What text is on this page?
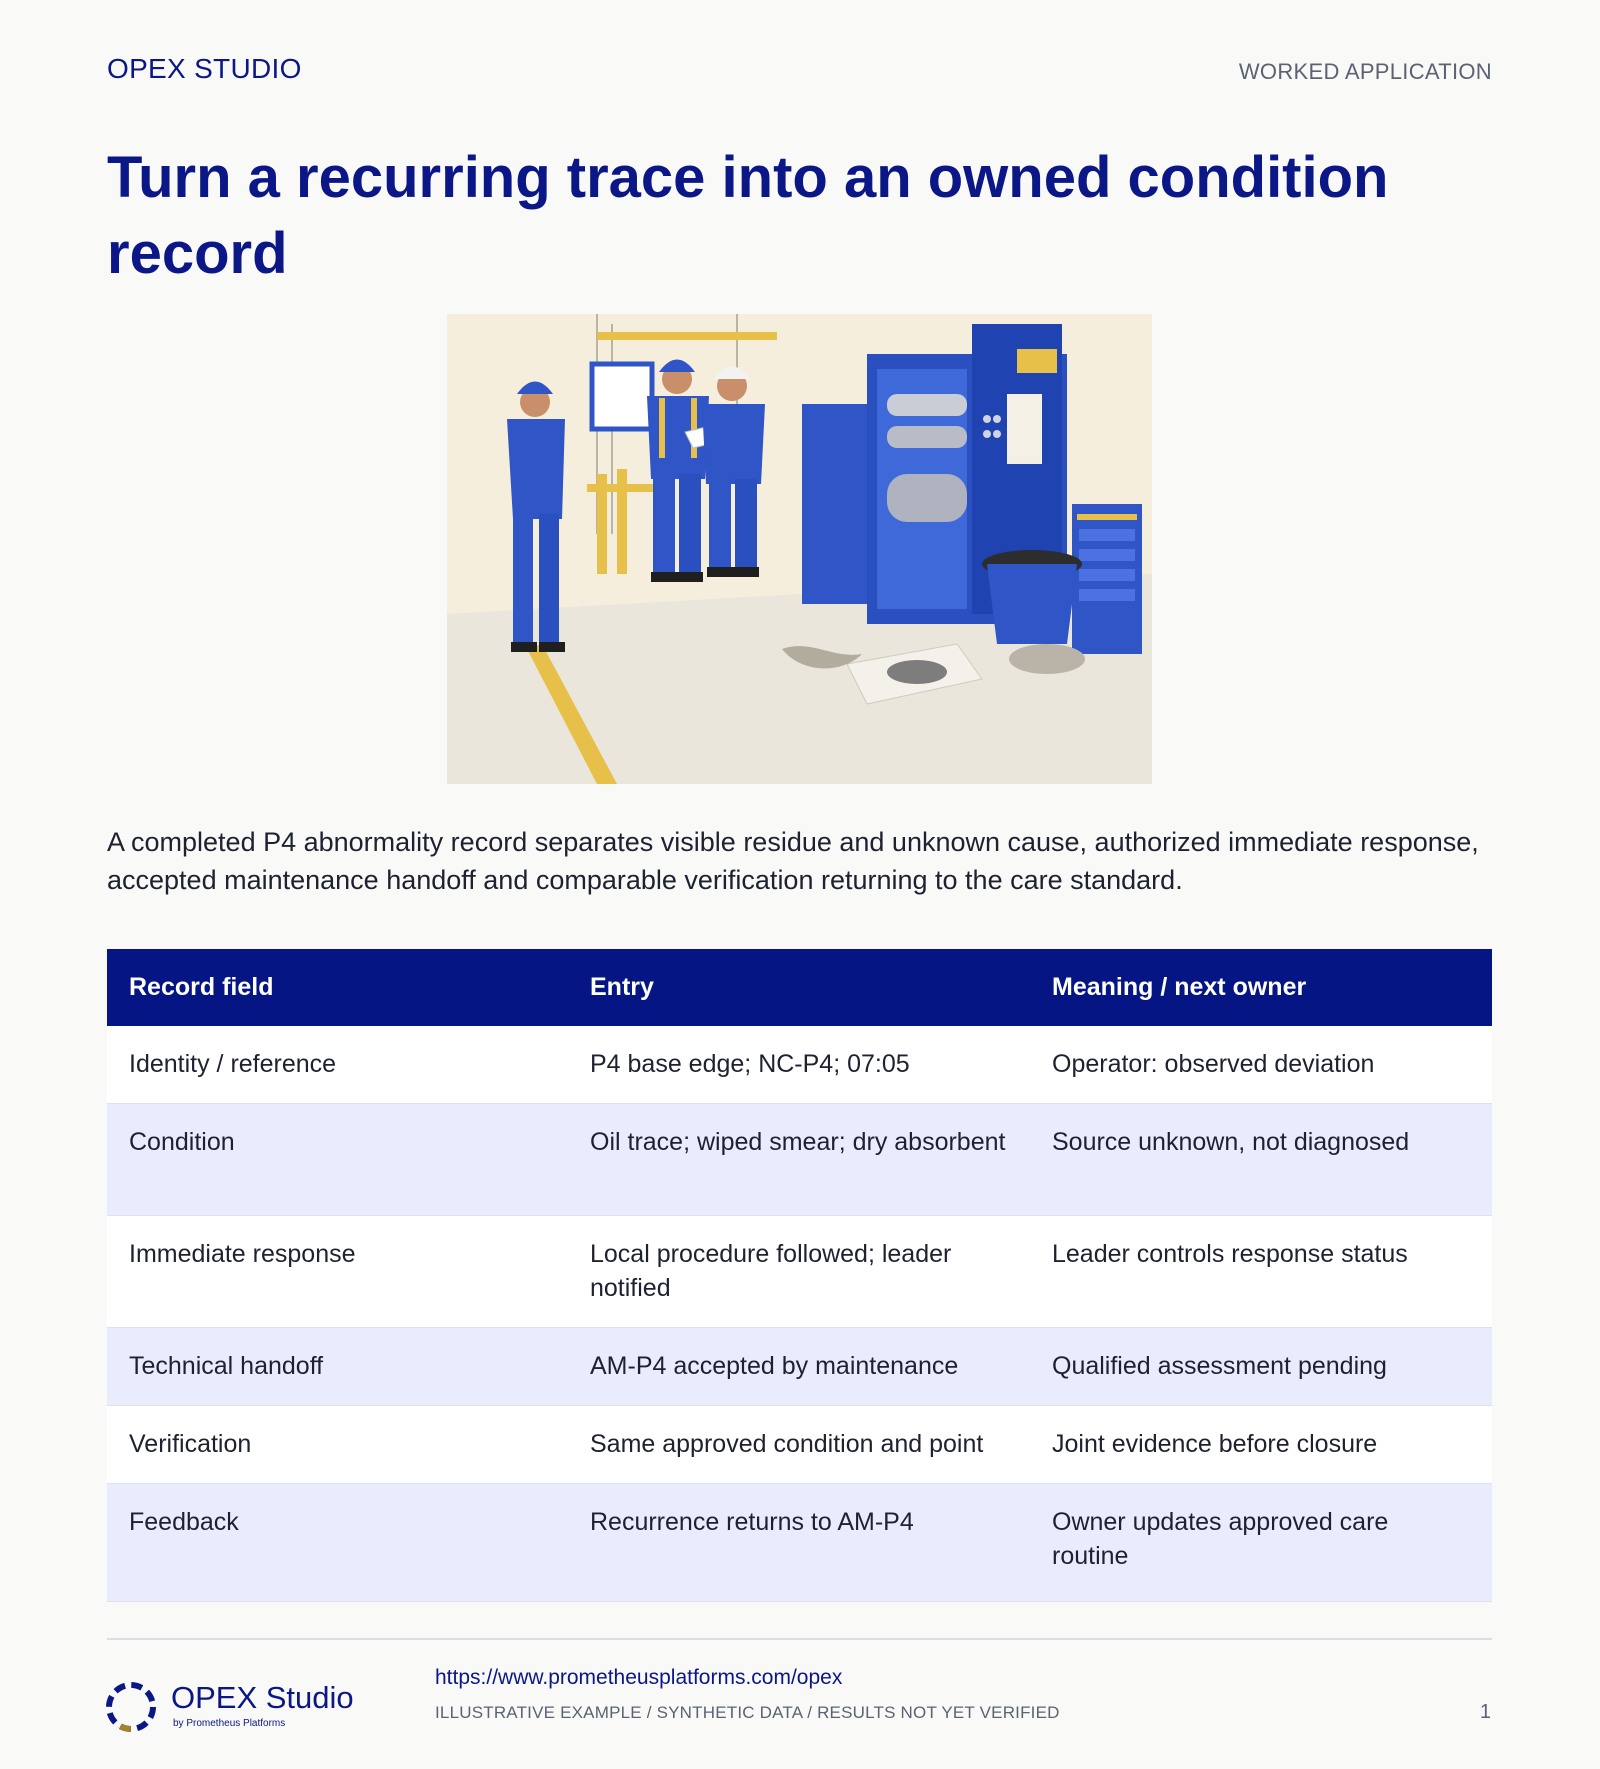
OPEX STUDIO	WORKED APPLICATION
Turn a recurring trace into an owned condition record

A completed P4 abnormality record separates visible residue and unknown cause, authorized immediate response, accepted maintenance handoff and comparable verification returning to the care standard.

Record field	Entry	Meaning / next owner
Identity / reference	P4 base edge; NC-P4; 07:05	Operator: observed deviation
Condition	Oil trace; wiped smear; dry absorbent	Source unknown, not diagnosed
Immediate response	Local procedure followed; leader notified	Leader controls response status
Technical handoff	AM-P4 accepted by maintenance	Qualified assessment pending
Verification	Same approved condition and point	Joint evidence before closure
Feedback	Recurrence returns to AM-P4	Owner updates approved care routine
OPEX Studio
by Prometheus Platforms
https://www.prometheusplatforms.com/opex
ILLUSTRATIVE EXAMPLE / SYNTHETIC DATA / RESULTS NOT YET VERIFIED	1
